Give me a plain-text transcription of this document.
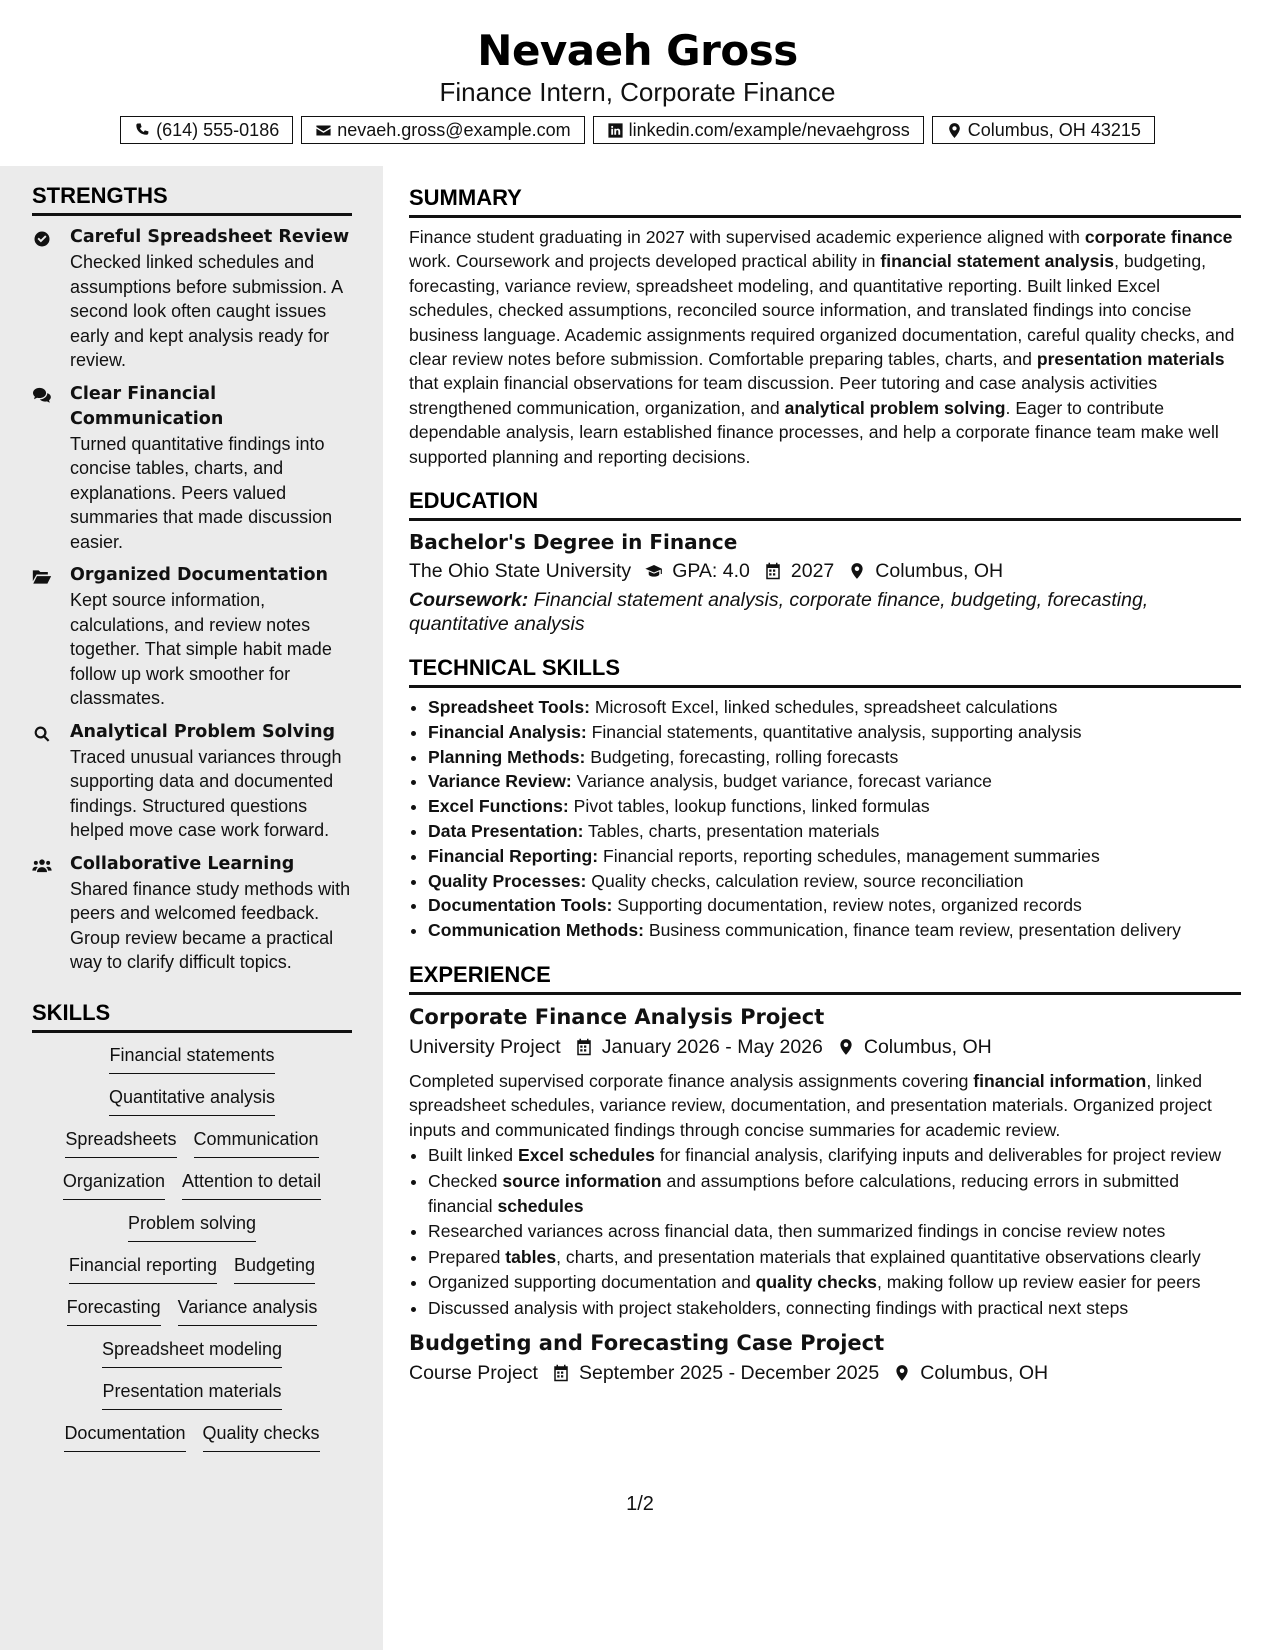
Nevaeh Gross
Finance Intern, Corporate Finance
(614) 555-0186	nevaeh.gross@example.com	linkedin.com/example/nevaehgross	Columbus, OH 43215
STRENGTHS
Careful Spreadsheet Review
Checked linked schedules and assumptions before submission. A second look often caught issues early and kept analysis ready for review.
Clear Financial Communication
Turned quantitative findings into concise tables, charts, and explanations. Peers valued summaries that made discussion easier.
Organized Documentation
Kept source information, calculations, and review notes together. That simple habit made follow up work smoother for classmates.
Analytical Problem Solving
Traced unusual variances through supporting data and documented findings. Structured questions helped move case work forward.
Collaborative Learning
Shared finance study methods with peers and welcomed feedback. Group review became a practical way to clarify difficult topics.
SKILLS
Financial statements
Quantitative analysis
Spreadsheets Communication
Organization Attention to detail
Problem solving
Financial reporting Budgeting
Forecasting Variance analysis
Spreadsheet modeling
Presentation materials
Documentation Quality checks
SUMMARY
Finance student graduating in 2027 with supervised academic experience aligned with corporate finance work. Coursework and projects developed practical ability in financial statement analysis, budgeting, forecasting, variance review, spreadsheet modeling, and quantitative reporting. Built linked Excel schedules, checked assumptions, reconciled source information, and translated findings into concise business language. Academic assignments required organized documentation, careful quality checks, and clear review notes before submission. Comfortable preparing tables, charts, and presentation materials that explain financial observations for team discussion. Peer tutoring and case analysis activities strengthened communication, organization, and analytical problem solving. Eager to contribute dependable analysis, learn established finance processes, and help a corporate finance team make well supported planning and reporting decisions.
EDUCATION
Bachelor's Degree in Finance
The Ohio State University GPA: 4.0 2027 Columbus, OH
Coursework: Financial statement analysis, corporate finance, budgeting, forecasting, quantitative analysis
TECHNICAL SKILLS
• Spreadsheet Tools: Microsoft Excel, linked schedules, spreadsheet calculations
• Financial Analysis: Financial statements, quantitative analysis, supporting analysis
• Planning Methods: Budgeting, forecasting, rolling forecasts
• Variance Review: Variance analysis, budget variance, forecast variance
• Excel Functions: Pivot tables, lookup functions, linked formulas
• Data Presentation: Tables, charts, presentation materials
• Financial Reporting: Financial reports, reporting schedules, management summaries
• Quality Processes: Quality checks, calculation review, source reconciliation
• Documentation Tools: Supporting documentation, review notes, organized records
• Communication Methods: Business communication, finance team review, presentation delivery
EXPERIENCE
Corporate Finance Analysis Project
University Project January 2026 - May 2026 Columbus, OH
Completed supervised corporate finance analysis assignments covering financial information, linked spreadsheet schedules, variance review, documentation, and presentation materials. Organized project inputs and communicated findings through concise summaries for academic review.
• Built linked Excel schedules for financial analysis, clarifying inputs and deliverables for project review
• Checked source information and assumptions before calculations, reducing errors in submitted financial schedules
• Researched variances across financial data, then summarized findings in concise review notes
• Prepared tables, charts, and presentation materials that explained quantitative observations clearly
• Organized supporting documentation and quality checks, making follow up review easier for peers
• Discussed analysis with project stakeholders, connecting findings with practical next steps
Budgeting and Forecasting Case Project
Course Project September 2025 - December 2025 Columbus, OH
1/2
